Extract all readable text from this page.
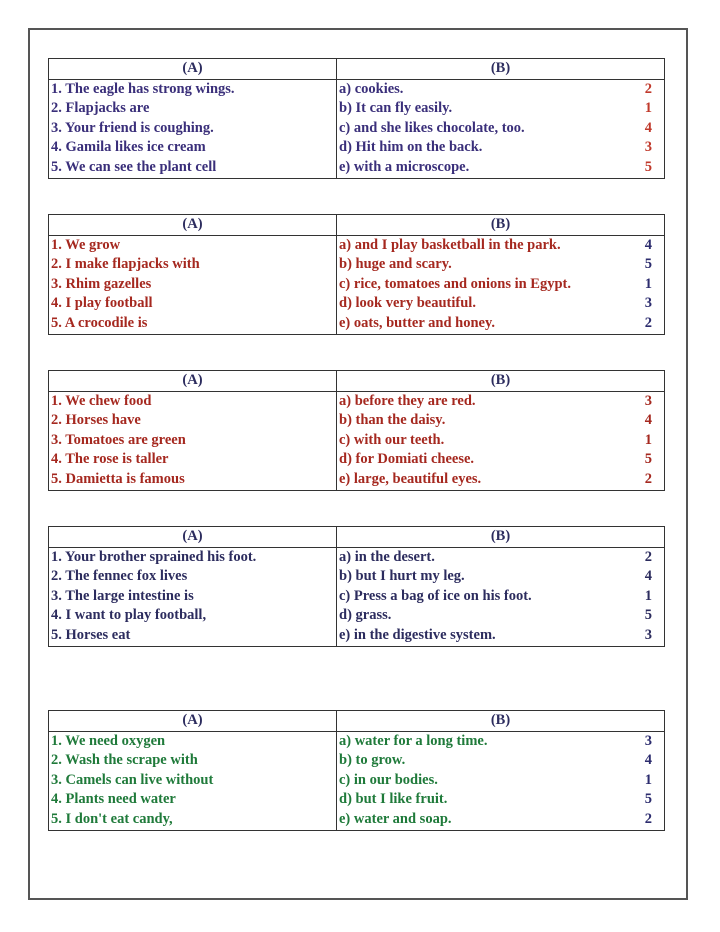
(A)	(B)
1. The eagle has strong wings.	a) cookies. 2

2. Flapjacks are	b) It can fly easily. 1

3. Your friend is coughing.	c) and she likes chocolate, too. 4

4. Gamila likes ice cream	d) Hit him on the back. 3

5. We can see the plant cell	e) with a microscope. 5
(A)	(B)
1. We grow	a) and I play basketball in the park. 4

2. I make flapjacks with	b) huge and scary. 5

3. Rhim gazelles	c) rice, tomatoes and onions in Egypt. 1

4. I play football	d) look very beautiful. 3

5. A crocodile is	e) oats, butter and honey. 2
(A)	(B)
1. We chew food	a) before they are red. 3

2. Horses have	b) than the daisy. 4

3. Tomatoes are green	c) with our teeth. 1

4. The rose is taller	d) for Domiati cheese. 5

5. Damietta is famous	e) large, beautiful eyes. 2
(A)	(B)
1. Your brother sprained his foot.	a) in the desert. 2

2. The fennec fox lives	b) but I hurt my leg. 4

3. The large intestine is	c) Press a bag of ice on his foot. 1

4. I want to play football,	d) grass. 5

5. Horses eat	e) in the digestive system. 3
(A)	(B)
1. We need oxygen	a) water for a long time. 3

2. Wash the scrape with	b) to grow. 4

3. Camels can live without	c) in our bodies. 1

4. Plants need water	d) but I like fruit. 5

5. I don't eat candy,	e) water and soap. 2
